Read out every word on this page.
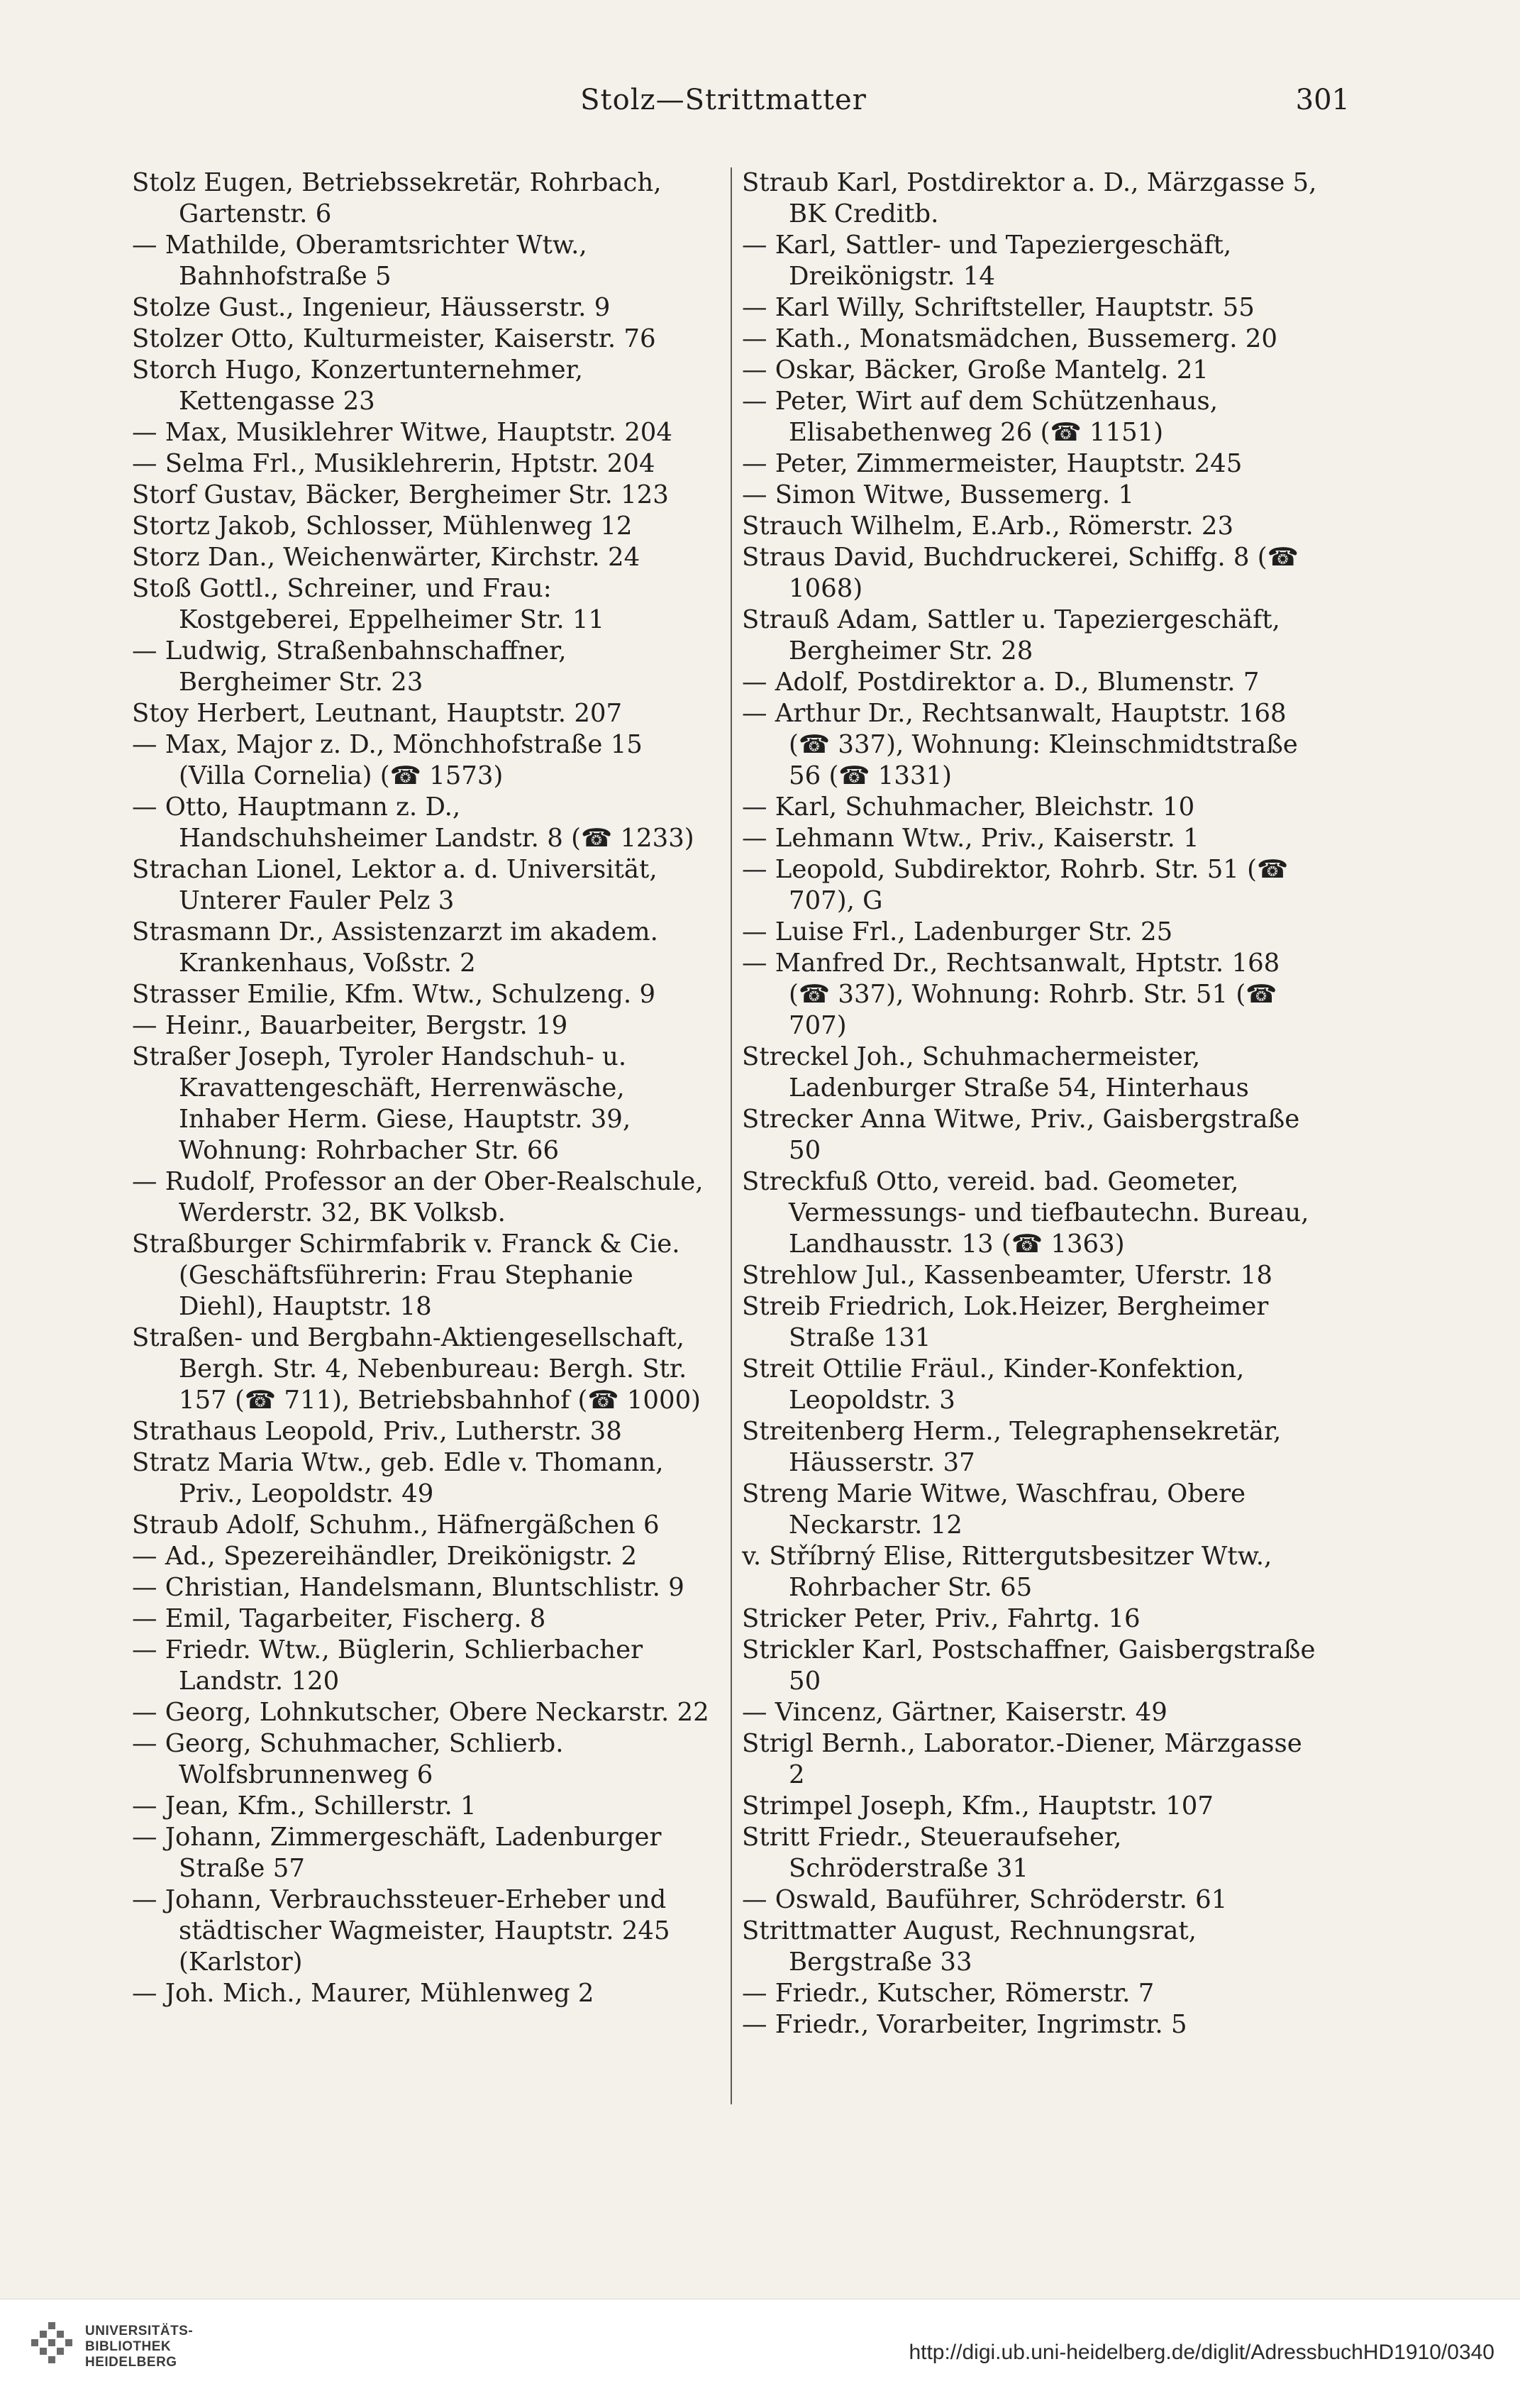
Stolz—Strittmatter	301
Stolz Eugen, Betriebssekretär, Rohrbach, Gartenstr. 6
— Mathilde, Oberamtsrichter Wtw., Bahnhofstraße 5
Stolze Gust., Ingenieur, Häusserstr. 9
Stolzer Otto, Kulturmeister, Kaiserstr. 76
Storch Hugo, Konzertunternehmer, Kettengasse 23
— Max, Musiklehrer Witwe, Hauptstr. 204
— Selma Frl., Musiklehrerin, Hptstr. 204
Storf Gustav, Bäcker, Bergheimer Str. 123
Stortz Jakob, Schlosser, Mühlenweg 12
Storz Dan., Weichenwärter, Kirchstr. 24
Stoß Gottl., Schreiner, und Frau: Kostgeberei, Eppelheimer Str. 11
— Ludwig, Straßenbahnschaffner, Bergheimer Str. 23
Stoy Herbert, Leutnant, Hauptstr. 207
— Max, Major z. D., Mönchhofstraße 15 (Villa Cornelia) (☎ 1573)
— Otto, Hauptmann z. D., Handschuhsheimer Landstr. 8 (☎ 1233)
Strachan Lionel, Lektor a. d. Universität, Unterer Fauler Pelz 3
Strasmann Dr., Assistenzarzt im akadem. Krankenhaus, Voßstr. 2
Strasser Emilie, Kfm. Wtw., Schulzeng. 9
— Heinr., Bauarbeiter, Bergstr. 19
Straßer Joseph, Tyroler Handschuh- u. Kravattengeschäft, Herrenwäsche, Inhaber Herm. Giese, Hauptstr. 39, Wohnung: Rohrbacher Str. 66
— Rudolf, Professor an der Ober-Realschule, Werderstr. 32, BK Volksb.
Straßburger Schirmfabrik v. Franck & Cie. (Geschäftsführerin: Frau Stephanie Diehl), Hauptstr. 18
Straßen- und Bergbahn-Aktiengesellschaft, Bergh. Str. 4, Nebenbureau: Bergh. Str. 157 (☎ 711), Betriebsbahnhof (☎ 1000)
Strathaus Leopold, Priv., Lutherstr. 38
Stratz Maria Wtw., geb. Edle v. Thomann, Priv., Leopoldstr. 49
Straub Adolf, Schuhm., Häfnergäßchen 6
— Ad., Spezereihändler, Dreikönigstr. 2
— Christian, Handelsmann, Bluntschlistr. 9
— Emil, Tagarbeiter, Fischerg. 8
— Friedr. Wtw., Büglerin, Schlierbacher Landstr. 120
— Georg, Lohnkutscher, Obere Neckarstr. 22
— Georg, Schuhmacher, Schlierb. Wolfsbrunnenweg 6
— Jean, Kfm., Schillerstr. 1
— Johann, Zimmergeschäft, Ladenburger Straße 57
— Johann, Verbrauchssteuer-Erheber und städtischer Wagmeister, Hauptstr. 245 (Karlstor)
— Joh. Mich., Maurer, Mühlenweg 2
Straub Karl, Postdirektor a. D., Märzgasse 5, BK Creditb.
— Karl, Sattler- und Tapeziergeschäft, Dreikönigstr. 14
— Karl Willy, Schriftsteller, Hauptstr. 55
— Kath., Monatsmädchen, Bussemerg. 20
— Oskar, Bäcker, Große Mantelg. 21
— Peter, Wirt auf dem Schützenhaus, Elisabethenweg 26 (☎ 1151)
— Peter, Zimmermeister, Hauptstr. 245
— Simon Witwe, Bussemerg. 1
Strauch Wilhelm, E.Arb., Römerstr. 23
Straus David, Buchdruckerei, Schiffg. 8 (☎ 1068)
Strauß Adam, Sattler u. Tapeziergeschäft, Bergheimer Str. 28
— Adolf, Postdirektor a. D., Blumenstr. 7
— Arthur Dr., Rechtsanwalt, Hauptstr. 168 (☎ 337), Wohnung: Kleinschmidtstraße 56 (☎ 1331)
— Karl, Schuhmacher, Bleichstr. 10
— Lehmann Wtw., Priv., Kaiserstr. 1
— Leopold, Subdirektor, Rohrb. Str. 51 (☎ 707), G
— Luise Frl., Ladenburger Str. 25
— Manfred Dr., Rechtsanwalt, Hptstr. 168 (☎ 337), Wohnung: Rohrb. Str. 51 (☎ 707)
Streckel Joh., Schuhmachermeister, Ladenburger Straße 54, Hinterhaus
Strecker Anna Witwe, Priv., Gaisbergstraße 50
Streckfuß Otto, vereid. bad. Geometer, Vermessungs- und tiefbautechn. Bureau, Landhausstr. 13 (☎ 1363)
Strehlow Jul., Kassenbeamter, Uferstr. 18
Streib Friedrich, Lok.Heizer, Bergheimer Straße 131
Streit Ottilie Fräul., Kinder-Konfektion, Leopoldstr. 3
Streitenberg Herm., Telegraphensekretär, Häusserstr. 37
Streng Marie Witwe, Waschfrau, Obere Neckarstr. 12
v. Stříbrný Elise, Rittergutsbesitzer Wtw., Rohrbacher Str. 65
Stricker Peter, Priv., Fahrtg. 16
Strickler Karl, Postschaffner, Gaisbergstraße 50
— Vincenz, Gärtner, Kaiserstr. 49
Strigl Bernh., Laborator.-Diener, Märzgasse 2
Strimpel Joseph, Kfm., Hauptstr. 107
Stritt Friedr., Steueraufseher, Schröderstraße 31
— Oswald, Bauführer, Schröderstr. 61
Strittmatter August, Rechnungsrat, Bergstraße 33
— Friedr., Kutscher, Römerstr. 7
— Friedr., Vorarbeiter, Ingrimstr. 5
UNIVERSITÄTS-
BIBLIOTHEK
HEIDELBERG	http://digi.ub.uni-heidelberg.de/diglit/AdressbuchHD1910/0340
